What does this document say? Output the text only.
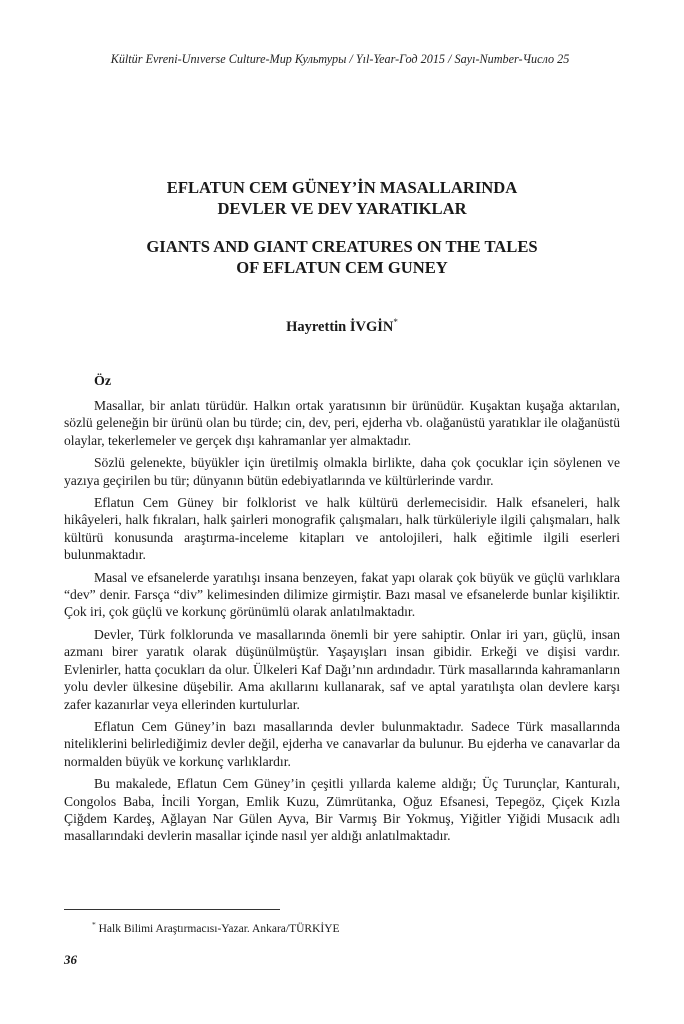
Kültür Evreni-Unıverse Culture-Mир Культуры / Yıl-Year-Год 2015 / Sayı-Number-Число 25
EFLATUN CEM GÜNEY’İN MASALLARINDA
DEVLER VE DEV YARATIKLAR
GIANTS AND GIANT CREATURES ON THE TALES
OF EFLATUN CEM GUNEY
Hayrettin İVGİN*
Öz

Masallar, bir anlatı türüdür. Halkın ortak yaratısının bir ürünüdür. Kuşaktan kuşağa aktarılan, sözlü geleneğin bir ürünü olan bu türde; cin, dev, peri, ejderha vb. olağanüstü yaratıklar ile olağanüstü olaylar, tekerlemeler ve gerçek dışı kahramanlar yer almaktadır.

Sözlü gelenekte, büyükler için üretilmiş olmakla birlikte, daha çok çocuklar için söylenen ve yazıya geçirilen bu tür; dünyanın bütün edebiyatlarında ve kültürlerinde vardır.

Eflatun Cem Güney bir folklorist ve halk kültürü derlemecisidir. Halk efsaneleri, halk hikâyeleri, halk fıkraları, halk şairleri monografik çalışmaları, halk türküleriyle ilgili çalışmaları, halk kültürü konusunda araştırma-inceleme kitapları ve antolojileri, halk eğitimle ilgili eserleri bulunmaktadır.

Masal ve efsanelerde yaratılışı insana benzeyen, fakat yapı olarak çok büyük ve güçlü varlıklara “dev” denir. Farsça “div” kelimesinden dilimize girmiştir. Bazı masal ve efsanelerde bunlar kişiliktir. Çok iri, çok güçlü ve korkunç görünümlü olarak anlatılmaktadır.

Devler, Türk folklorunda ve masallarında önemli bir yere sahiptir. Onlar iri yarı, güçlü, insan azmanı birer yaratık olarak düşünülmüştür. Yaşayışları insan gibidir. Erkeği ve dişisi vardır. Evlenirler, hatta çocukları da olur. Ülkeleri Kaf Dağı’nın ardındadır. Türk masallarında kahramanların yolu devler ülkesine düşebilir. Ama akıllarını kullanarak, saf ve aptal yaratılışta olan devlere karşı zafer kazanırlar veya ellerinden kurtulurlar.

Eflatun Cem Güney’in bazı masallarında devler bulunmaktadır. Sadece Türk masallarında niteliklerini belirlediğimiz devler değil, ejderha ve canavarlar da bulunur. Bu ejderha ve canavarlar da normalden büyük ve korkunç varlıklardır.

Bu makalede, Eflatun Cem Güney’in çeşitli yıllarda kaleme aldığı; Üç Turunçlar, Kanturalı, Congolos Baba, İncili Yorgan, Emlik Kuzu, Zümrütanka, Oğuz Efsanesi, Tepegöz, Çiçek Kızla Çiğdem Kardeş, Ağlayan Nar Gülen Ayva, Bir Varmış Bir Yokmuş, Yiğitler Yiğidi Musacık adlı masallarındaki devlerin masallar içinde nasıl yer aldığı anlatılmaktadır.

* Halk Bilimi Araştırmacısı-Yazar. Ankara/TÜRKİYE
36
